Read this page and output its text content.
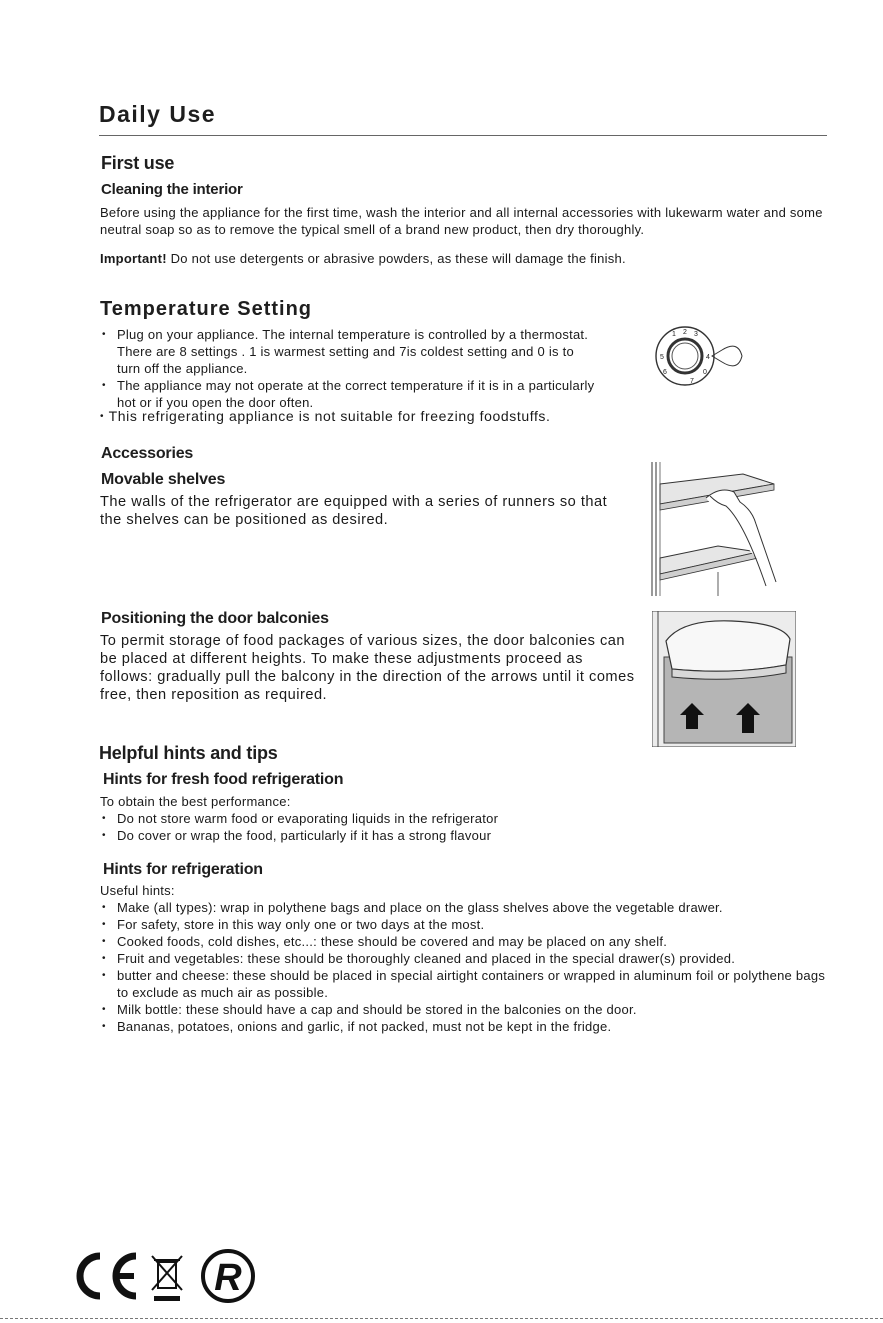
Daily Use
First use
Cleaning the interior
Before using the appliance for the first time, wash the interior and all internal accessories with lukewarm water and some neutral soap so as to remove the typical smell of a brand new product, then dry thoroughly.
Important! Do not use detergents or abrasive powders, as these will damage the finish.
Temperature Setting
• Plug on your appliance. The internal temperature is controlled by a thermostat. There are 8 settings . 1 is warmest setting and 7is coldest setting and 0 is to turn off the appliance.
• The appliance may not operate at the correct temperature if it is in a particularly hot or if you open the door often.
• This refrigerating appliance is not suitable for freezing foodstuffs.
1 2 3
4
5
6
7
0
Accessories
Movable shelves
The walls of the refrigerator are equipped with a series of runners so that the shelves can be positioned as desired.
Positioning the door balconies
To permit storage of food packages of various sizes, the door balconies can be placed at different heights. To make these adjustments proceed as follows: gradually pull the balcony in the direction of the arrows until it comes free, then reposition as required.
Helpful hints and tips
Hints for fresh food refrigeration
To obtain the best performance:
• Do not store warm food or evaporating liquids in the refrigerator
• Do cover or wrap the food, particularly if it has a strong flavour
Hints for refrigeration
Useful hints:
• Make (all types): wrap in polythene bags and place on the glass shelves above the vegetable drawer.
• For safety, store in this way only one or two days at the most.
• Cooked foods, cold dishes, etc...: these should be covered and may be placed on any shelf.
• Fruit and vegetables: these should be thoroughly cleaned and placed in the special drawer(s) provided.
• butter and cheese: these should be placed in special airtight containers or wrapped in aluminum foil or polythene bags to exclude as much air as possible.
• Milk bottle: these should have a cap and should be stored in the balconies on the door.
• Bananas, potatoes, onions and garlic, if not packed, must not be kept in the fridge.
R
